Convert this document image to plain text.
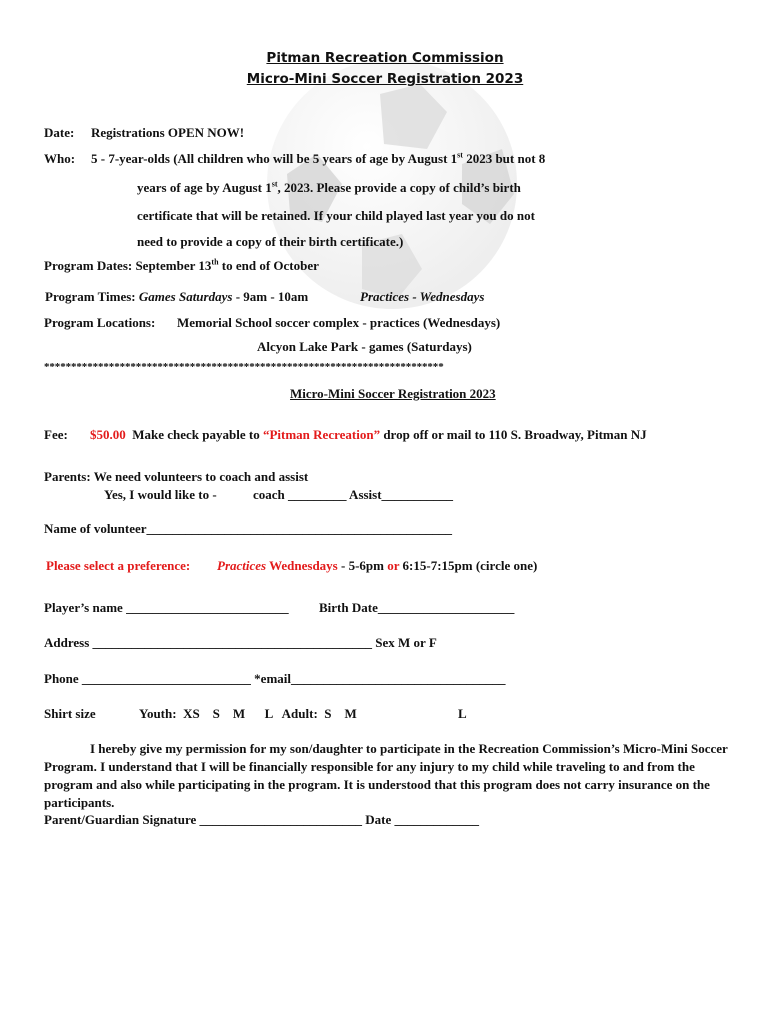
Pitman Recreation Commission
Micro-Mini Soccer Registration 2023
Date: Registrations OPEN NOW!
Who: 5 - 7-year-olds (All children who will be 5 years of age by August 1st 2023 but not 8
years of age by August 1st, 2023. Please provide a copy of child’s birth
certificate that will be retained. If your child played last year you do not
need to provide a copy of their birth certificate.)
Program Dates: September 13th to end of October
Program Times: Games Saturdays - 9am - 10am	Practices - Wednesdays
Program Locations: Memorial School soccer complex - practices (Wednesdays)
Alcyon Lake Park - games (Saturdays)
**************************************************************************
Micro-Mini Soccer Registration 2023
Fee: $50.00 Make check payable to “Pitman Recreation” drop off or mail to 110 S. Broadway, Pitman NJ
Parents: We need volunteers to coach and assist
Yes, I would like to -	coach _________ Assist___________
Name of volunteer_______________________________________________
Please select a preference: Practices Wednesdays - 5-6pm or 6:15-7:15pm (circle one)
Player’s name _________________________ Birth Date_____________________
Address ___________________________________________ Sex M or F
Phone __________________________ *email_________________________________
Shirt size	Youth:  XS    S    M      L   Adult:  S    M	L
I hereby give my permission for my son/daughter to participate in the Recreation Commission’s Micro-Mini Soccer Program. I understand that I will be financially responsible for any injury to my child while traveling to and from the program and also while participating in the program. It is understood that this program does not carry insurance on the participants.
Parent/Guardian Signature _________________________ Date _____________
